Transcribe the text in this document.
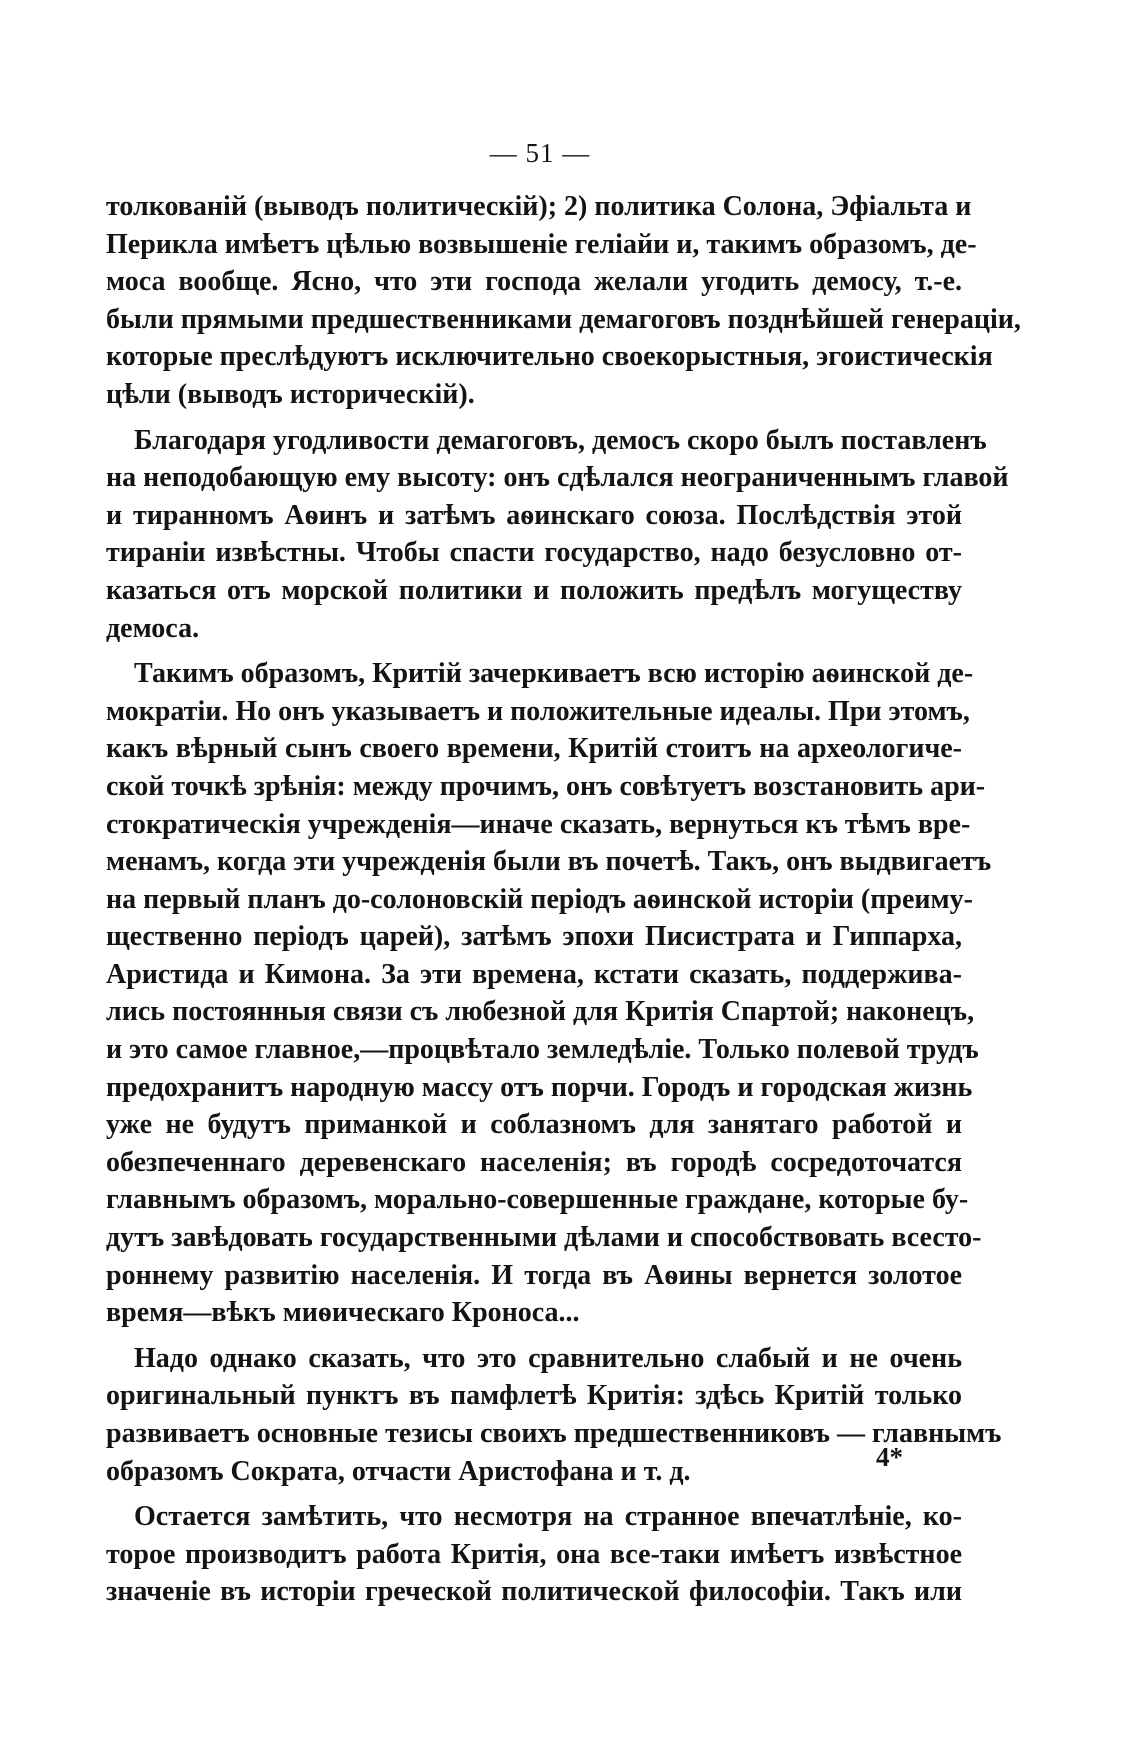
— 51 —
толкованій (выводъ политическій); 2) политика Солона, Эфіальта и
Перикла имѣетъ цѣлью возвышеніе геліайи и, такимъ образомъ, де-
моса вообще. Ясно, что эти господа желали угодить демосу, т.-е.
были прямыми предшественниками демагоговъ позднѣйшей генераціи,
которые преслѣдуютъ исключительно своекорыстныя, эгоистическія
цѣли (выводъ историческій).
Благодаря угодливости демагоговъ, демосъ скоро былъ поставленъ
на неподобающую ему высоту: онъ сдѣлался неограниченнымъ главой
и тиранномъ Аѳинъ и затѣмъ аѳинскаго союза. Послѣдствія этой
тираніи извѣстны. Чтобы спасти государство, надо безусловно от-
казаться отъ морской политики и положить предѣлъ могуществу
демоса.
Такимъ образомъ, Критій зачеркиваетъ всю исторію аѳинской де-
мократіи. Но онъ указываетъ и положительные идеалы. При этомъ,
какъ вѣрный сынъ своего времени, Критій стоитъ на археологиче-
ской точкѣ зрѣнія: между прочимъ, онъ совѣтуетъ возстановить ари-
стократическія учрежденія—иначе сказать, вернуться къ тѣмъ вре-
менамъ, когда эти учрежденія были въ почетѣ. Такъ, онъ выдвигаетъ
на первый планъ до-солоновскій періодъ аѳинской исторіи (преиму-
щественно періодъ царей), затѣмъ эпохи Писистрата и Гиппарха,
Аристида и Кимона. За эти времена, кстати сказать, поддержива-
лись постоянныя связи съ любезной для Критія Спартой; наконецъ,
и это самое главное,—процвѣтало земледѣліе. Только полевой трудъ
предохранитъ народную массу отъ порчи. Городъ и городская жизнь
уже не будутъ приманкой и соблазномъ для занятаго работой и
обезпеченнаго деревенскаго населенія; въ городѣ сосредоточатся
главнымъ образомъ, морально-совершенные граждане, которые бу-
дутъ завѣдовать государственными дѣлами и способствовать всесто-
роннему развитію населенія. И тогда въ Аѳины вернется золотое
время—вѣкъ миѳическаго Кроноса...
Надо однако сказать, что это сравнительно слабый и не очень
оригинальный пунктъ въ памфлетѣ Критія: здѣсь Критій только
развиваетъ основные тезисы своихъ предшественниковъ — главнымъ
образомъ Сократа, отчасти Аристофана и т. д.
Остается замѣтить, что несмотря на странное впечатлѣніе, ко-
торое производитъ работа Критія, она все-таки имѣетъ извѣстное
значеніе въ исторіи греческой политической философіи. Такъ или
4*
